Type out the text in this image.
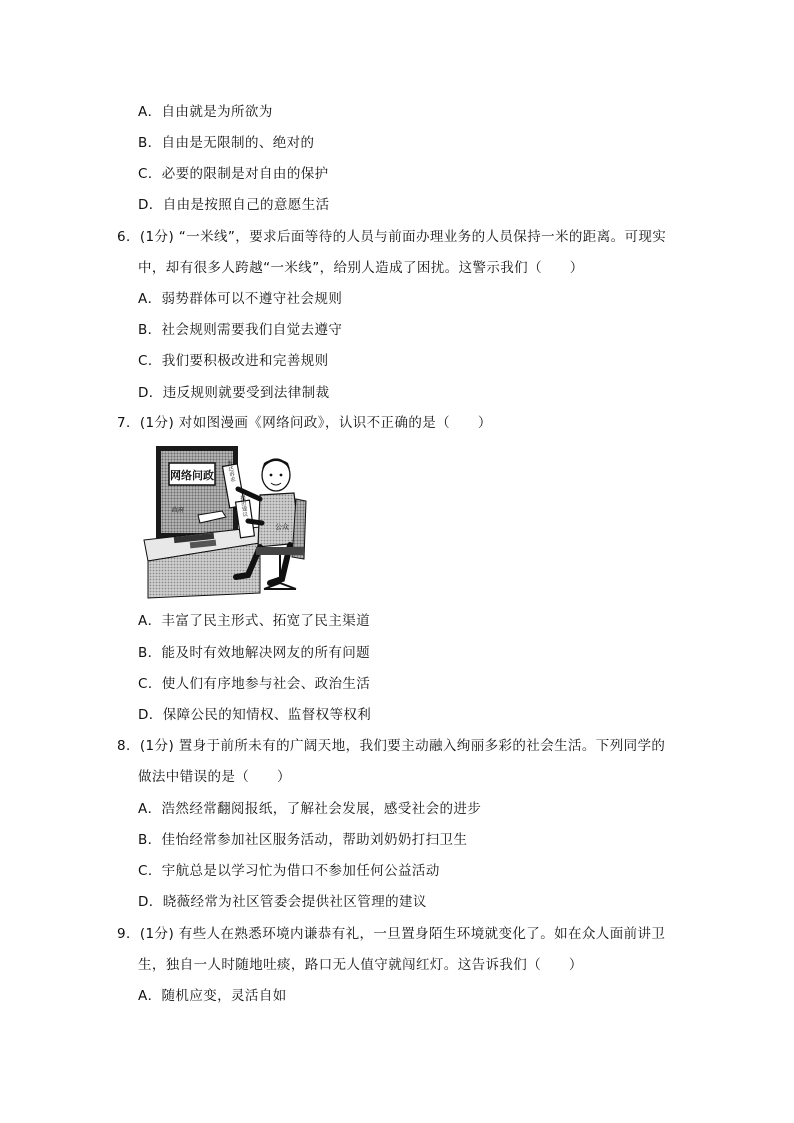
A．自由就是为所欲为
B．自由是无限制的、绝对的
C．必要的限制是对自由的保护
D．自由是按照自己的意愿生活
6．(1分) “一米线”，要求后面等待的人员与前面办理业务的人员保持一米的距离。可现实
中，却有很多人跨越“一米线”，给别人造成了困扰。这警示我们（　　）
A．弱势群体可以不遵守社会规则
B．社会规则需要我们自觉去遵守
C．我们要积极改进和完善规则
D．违反规则就要受到法律制裁
7．(1分) 对如图漫画《网络问政》，认识不正确的是（　　）
网络问政
政府
表达诉求
提出建议
公众
A．丰富了民主形式、拓宽了民主渠道
B．能及时有效地解决网友的所有问题
C．使人们有序地参与社会、政治生活
D．保障公民的知情权、监督权等权利
8．(1分) 置身于前所未有的广阔天地，我们要主动融入绚丽多彩的社会生活。下列同学的
做法中错误的是（　　）
A．浩然经常翻阅报纸，了解社会发展，感受社会的进步
B．佳怡经常参加社区服务活动，帮助刘奶奶打扫卫生
C．宇航总是以学习忙为借口不参加任何公益活动
D．晓薇经常为社区管委会提供社区管理的建议
9．(1分) 有些人在熟悉环境内谦恭有礼，一旦置身陌生环境就变化了。如在众人面前讲卫
生，独自一人时随地吐痰，路口无人值守就闯红灯。这告诉我们（　　）
A．随机应变，灵活自如
